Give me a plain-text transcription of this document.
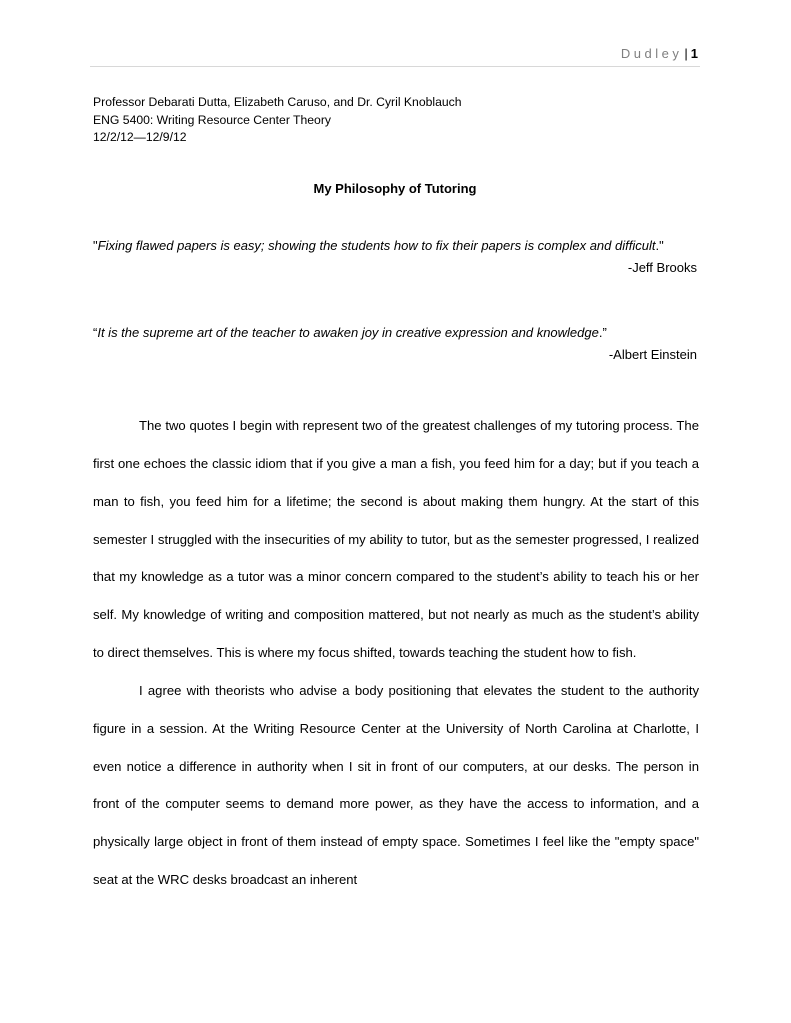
Dudley | 1
Professor Debarati Dutta, Elizabeth Caruso, and Dr. Cyril Knoblauch
ENG 5400: Writing Resource Center Theory
12/2/12—12/9/12
My Philosophy of Tutoring
"Fixing flawed papers is easy; showing the students how to fix their papers is complex and difficult."
-Jeff Brooks
“It is the supreme art of the teacher to awaken joy in creative expression and knowledge.”
-Albert Einstein

The two quotes I begin with represent two of the greatest challenges of my tutoring process. The first one echoes the classic idiom that if you give a man a fish, you feed him for a day; but if you teach a man to fish, you feed him for a lifetime; the second is about making them hungry. At the start of this semester I struggled with the insecurities of my ability to tutor, but as the semester progressed, I realized that my knowledge as a tutor was a minor concern compared to the student’s ability to teach his or her self. My knowledge of writing and composition mattered, but not nearly as much as the student’s ability to direct themselves. This is where my focus shifted, towards teaching the student how to fish.

I agree with theorists who advise a body positioning that elevates the student to the authority figure in a session. At the Writing Resource Center at the University of North Carolina at Charlotte, I even notice a difference in authority when I sit in front of our computers, at our desks. The person in front of the computer seems to demand more power, as they have the access to information, and a physically large object in front of them instead of empty space. Sometimes I feel like the "empty space" seat at the WRC desks broadcast an inherent
